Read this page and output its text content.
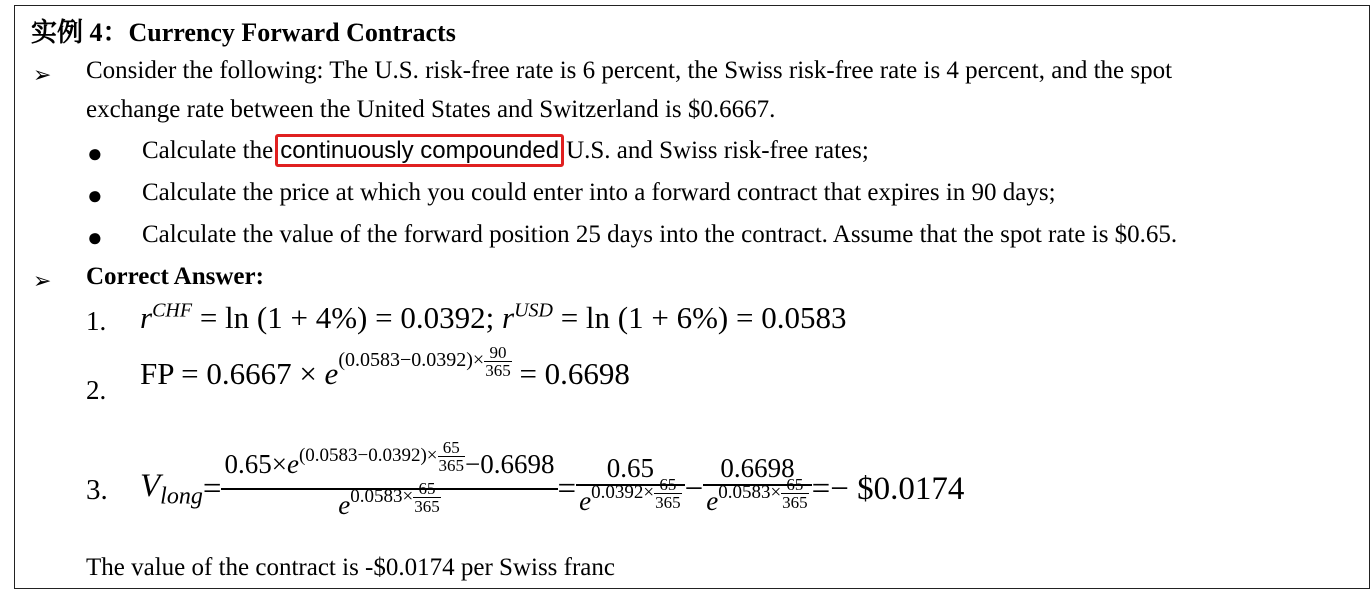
实例 4：Currency Forward Contracts
➢ Consider the following: The U.S. risk-free rate is 6 percent, the Swiss risk-free rate is 4 percent, and the spot
exchange rate between the United States and Switzerland is $0.6667.
● Calculate the continuously compounded U.S. and Swiss risk-free rates;
● Calculate the price at which you could enter into a forward contract that expires in 90 days;
● Calculate the value of the forward position 25 days into the contract. Assume that the spot rate is $0.65.
➢ Correct Answer:
1. $r^{CHF} = \ln (1 + 4\%) = 0.0392$; $r^{USD} = \ln (1 + 6\%) = 0.0583$
2. FP = $0.6667 \times e(0.0583-0.0392)\times \frac{90}{365} = 0.6698$
3. $V_{long} = \frac{0.65\times e(0.0583-0.0392)\times \frac{65}{365} -0.6698}{e0.0583\times \frac{65}{365}} = \frac{0.65}{e0.0392\times \frac{65}{365}} - \frac{0.6698}{e0.0583\times \frac{65}{365}}$ =− $0.0174
The value of the contract is -$0.0174 per Swiss franc
